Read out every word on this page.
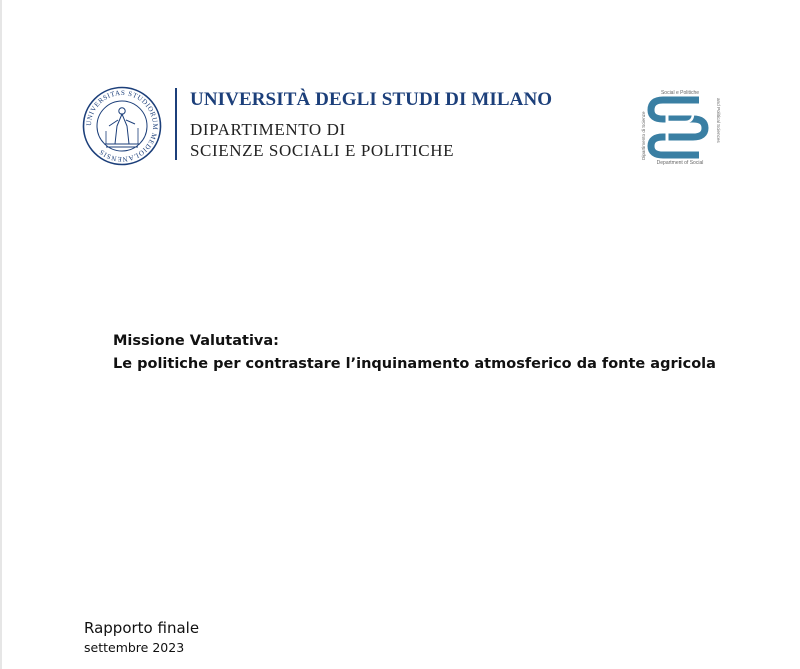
UNIVERSITAS STUDIORUM MEDIOLANENSIS
UNIVERSITÀ DEGLI STUDI DI MILANO
DIPARTIMENTO DI
SCIENZE SOCIALI E POLITICHE
Social e Politiche
Dipartimento di Scienze	and Political Sciences
Department of Social
Missione Valutativa:
Le politiche per contrastare l’inquinamento atmosferico da fonte agricola
Rapporto finale
settembre 2023
